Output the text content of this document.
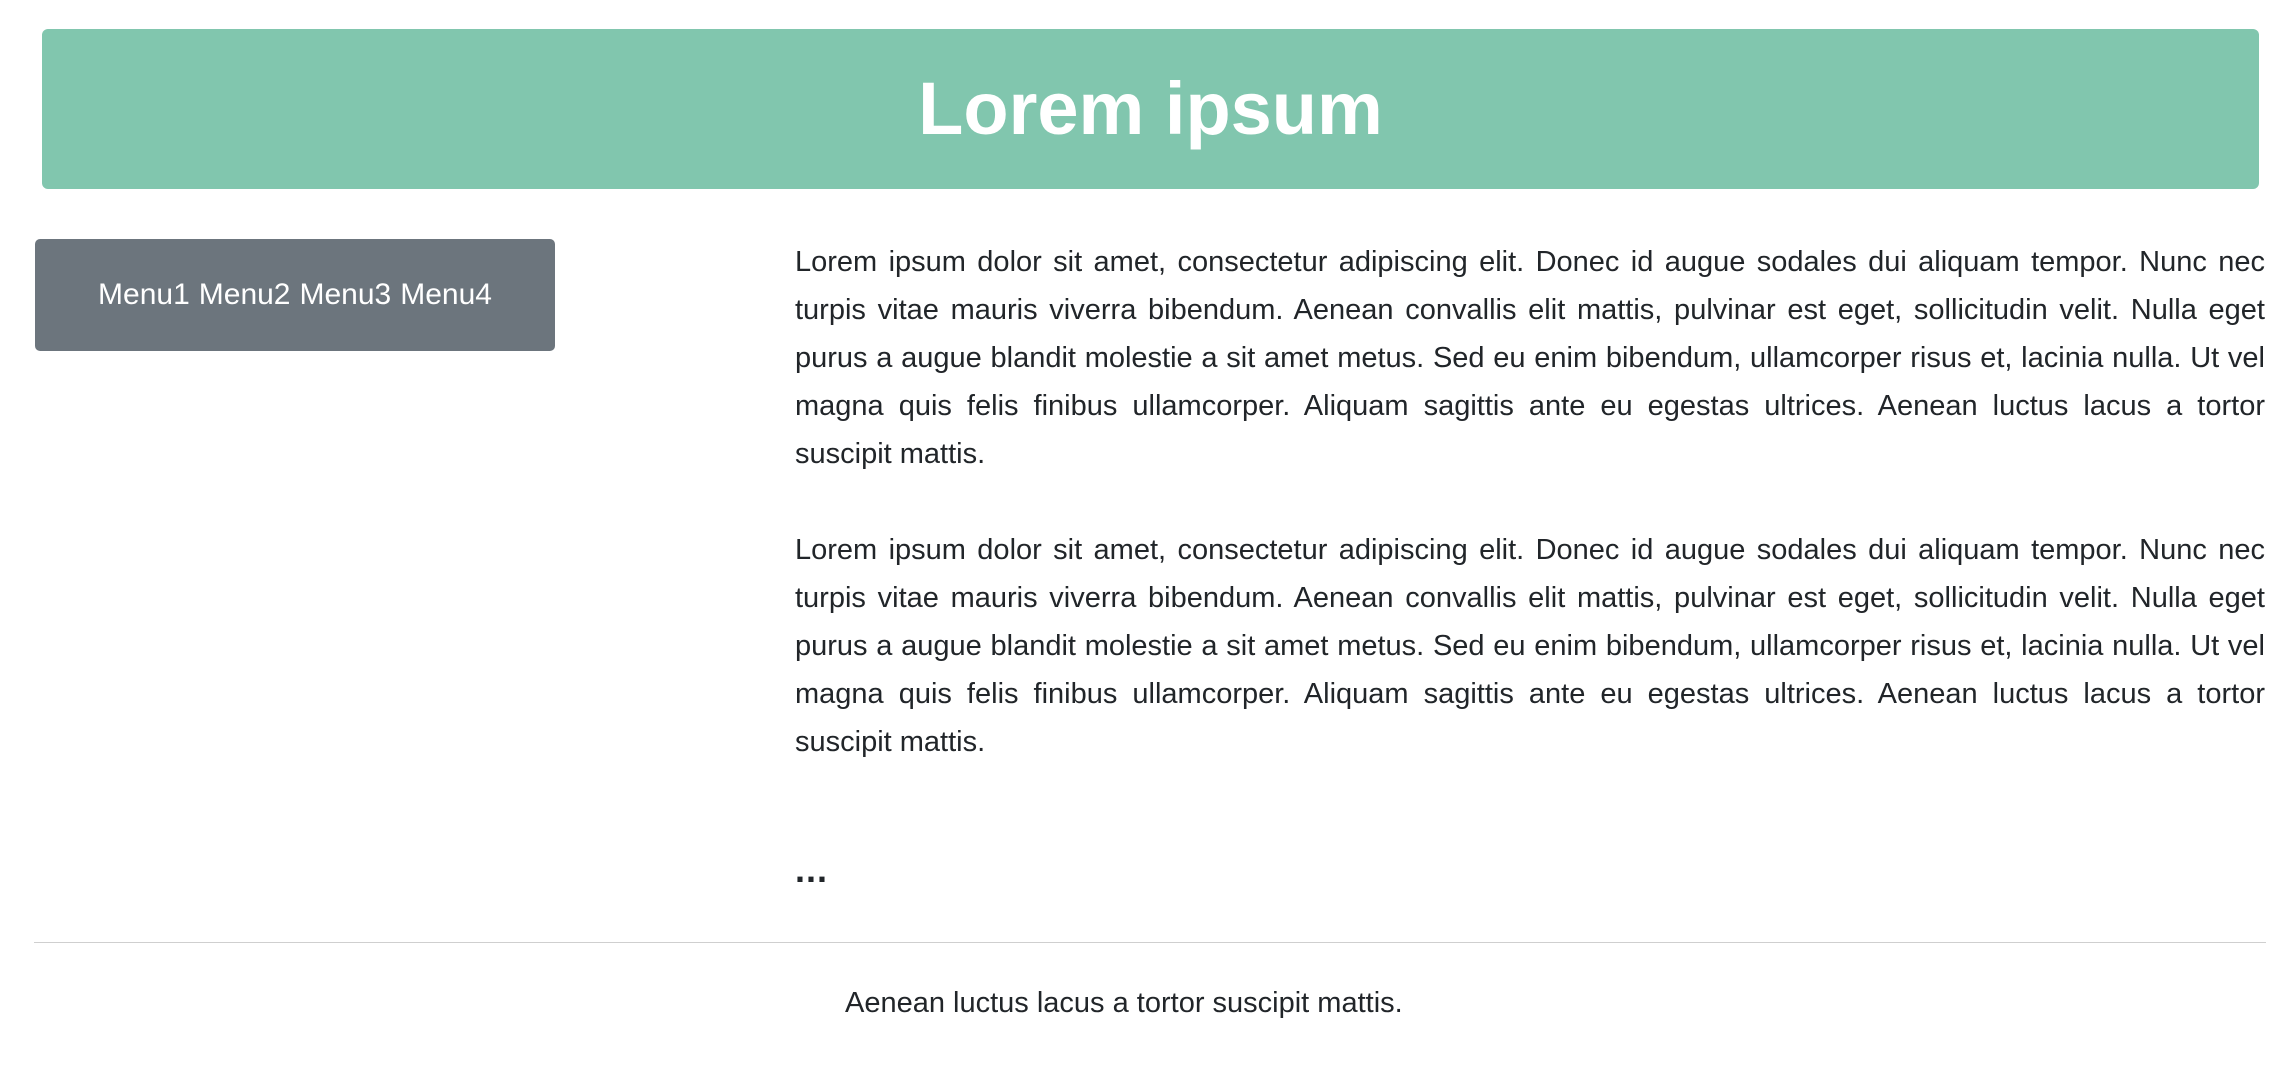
Lorem ipsum
Menu1 Menu2 Menu3 Menu4

Lorem ipsum dolor sit amet, consectetur adipiscing elit. Donec id augue sodales dui aliquam tempor. Nunc nec turpis vitae mauris viverra bibendum. Aenean convallis elit mattis, pulvinar est eget, sollicitudin velit. Nulla eget purus a augue blandit molestie a sit amet metus. Sed eu enim bibendum, ullamcorper risus et, lacinia nulla. Ut vel magna quis felis finibus ullamcorper. Aliquam sagittis ante eu egestas ultrices. Aenean luctus lacus a tortor suscipit mattis.

Lorem ipsum dolor sit amet, consectetur adipiscing elit. Donec id augue sodales dui aliquam tempor. Nunc nec turpis vitae mauris viverra bibendum. Aenean convallis elit mattis, pulvinar est eget, sollicitudin velit. Nulla eget purus a augue blandit molestie a sit amet metus. Sed eu enim bibendum, ullamcorper risus et, lacinia nulla. Ut vel magna quis felis finibus ullamcorper. Aliquam sagittis ante eu egestas ultrices. Aenean luctus lacus a tortor suscipit mattis.

...
Aenean luctus lacus a tortor suscipit mattis.
